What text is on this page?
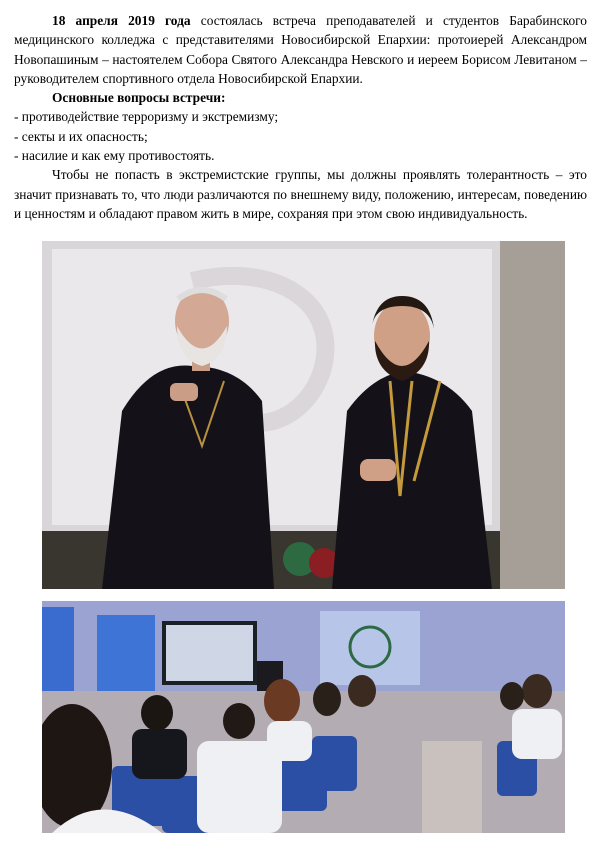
18 апреля 2019 года состоялась встреча преподавателей и студентов Барабинского медицинского колледжа с представителями Новосибирской Епархии: протоиерей Александром Новопашиным – настоятелем Собора Святого Александра Невского и иереем Борисом Левитаном – руководителем спортивного отдела Новосибирской Епархии.

Основные вопросы встречи:

- противодействие терроризму и экстремизму;

- секты и их опасность;

- насилие и как ему противостоять.

Чтобы не попасть в экстремистские группы, мы должны проявлять толерантность – это значит признавать то, что люди различаются по внешнему виду, положению, интересам, поведению и ценностям и обладают правом жить в мире, сохраняя при этом свою индивидуальность.
